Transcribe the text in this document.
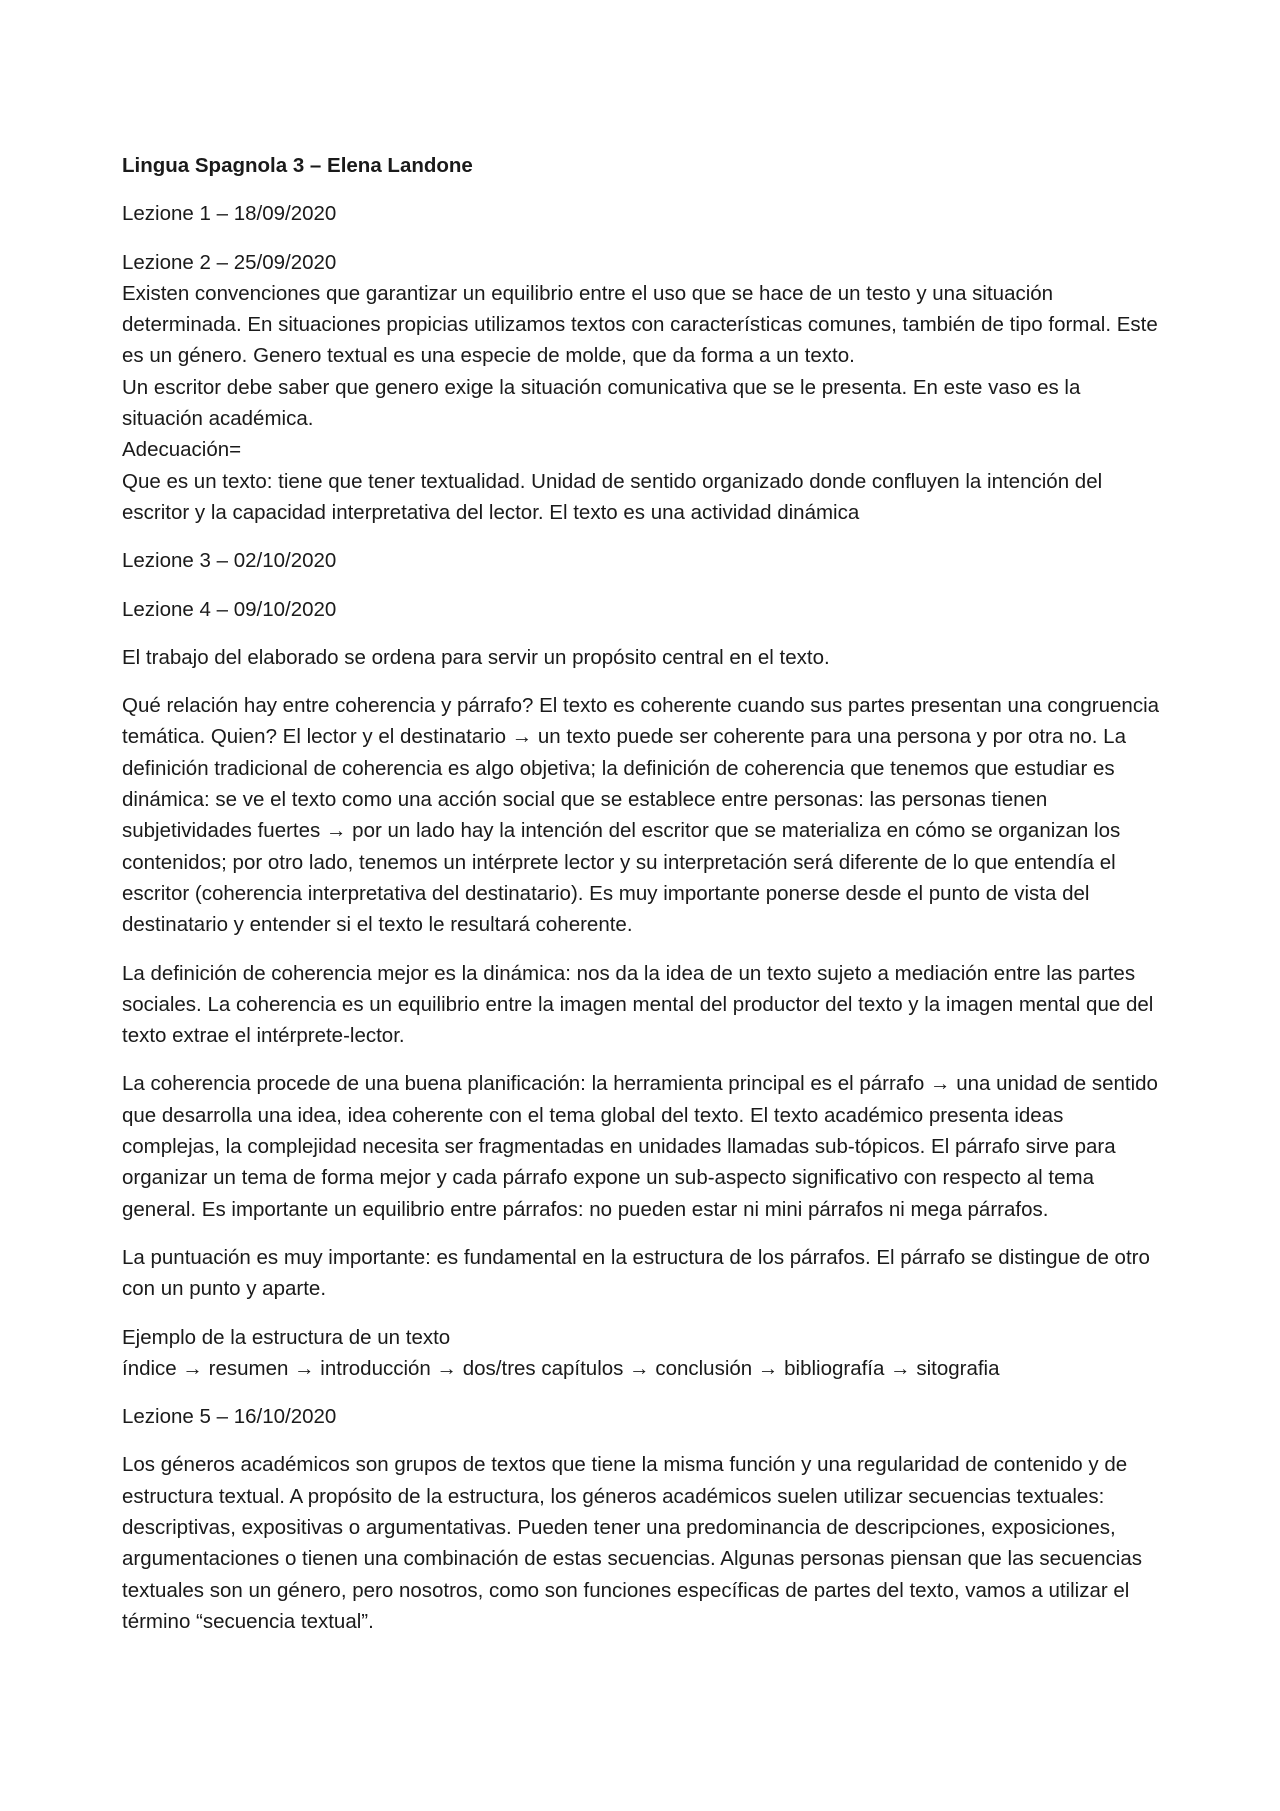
Lingua Spagnola 3 – Elena Landone

Lezione 1 – 18/09/2020

Lezione 2 – 25/09/2020
Existen convenciones que garantizar un equilibrio entre el uso que se hace de un testo y una situación determinada. En situaciones propicias utilizamos textos con características comunes, también de tipo formal. Este es un género. Genero textual es una especie de molde, que da forma a un texto.
Un escritor debe saber que genero exige la situación comunicativa que se le presenta. En este vaso es la situación académica.
Adecuación=
Que es un texto: tiene que tener textualidad. Unidad de sentido organizado donde confluyen la intención del escritor y la capacidad interpretativa del lector. El texto es una actividad dinámica

Lezione 3 – 02/10/2020

Lezione 4 – 09/10/2020

El trabajo del elaborado se ordena para servir un propósito central en el texto.

Qué relación hay entre coherencia y párrafo? El texto es coherente cuando sus partes presentan una congruencia temática. Quien? El lector y el destinatario → un texto puede ser coherente para una persona y por otra no. La definición tradicional de coherencia es algo objetiva; la definición de coherencia que tenemos que estudiar es dinámica: se ve el texto como una acción social que se establece entre personas: las personas tienen subjetividades fuertes → por un lado hay la intención del escritor que se materializa en cómo se organizan los contenidos; por otro lado, tenemos un intérprete lector y su interpretación será diferente de lo que entendía el escritor (coherencia interpretativa del destinatario). Es muy importante ponerse desde el punto de vista del destinatario y entender si el texto le resultará coherente.

La definición de coherencia mejor es la dinámica: nos da la idea de un texto sujeto a mediación entre las partes sociales. La coherencia es un equilibrio entre la imagen mental del productor del texto y la imagen mental que del texto extrae el intérprete-lector.

La coherencia procede de una buena planificación: la herramienta principal es el párrafo → una unidad de sentido que desarrolla una idea, idea coherente con el tema global del texto. El texto académico presenta ideas complejas, la complejidad necesita ser fragmentadas en unidades llamadas sub-tópicos. El párrafo sirve para organizar un tema de forma mejor y cada párrafo expone un sub-aspecto significativo con respecto al tema general. Es importante un equilibrio entre párrafos: no pueden estar ni mini párrafos ni mega párrafos.

La puntuación es muy importante: es fundamental en la estructura de los párrafos. El párrafo se distingue de otro con un punto y aparte.

Ejemplo de la estructura de un texto
índice → resumen → introducción → dos/tres capítulos → conclusión → bibliografía → sitografia

Lezione 5 – 16/10/2020

Los géneros académicos son grupos de textos que tiene la misma función y una regularidad de contenido y de estructura textual. A propósito de la estructura, los géneros académicos suelen utilizar secuencias textuales: descriptivas, expositivas o argumentativas. Pueden tener una predominancia de descripciones, exposiciones, argumentaciones o tienen una combinación de estas secuencias. Algunas personas piensan que las secuencias textuales son un género, pero nosotros, como son funciones específicas de partes del texto, vamos a utilizar el término “secuencia textual”.
